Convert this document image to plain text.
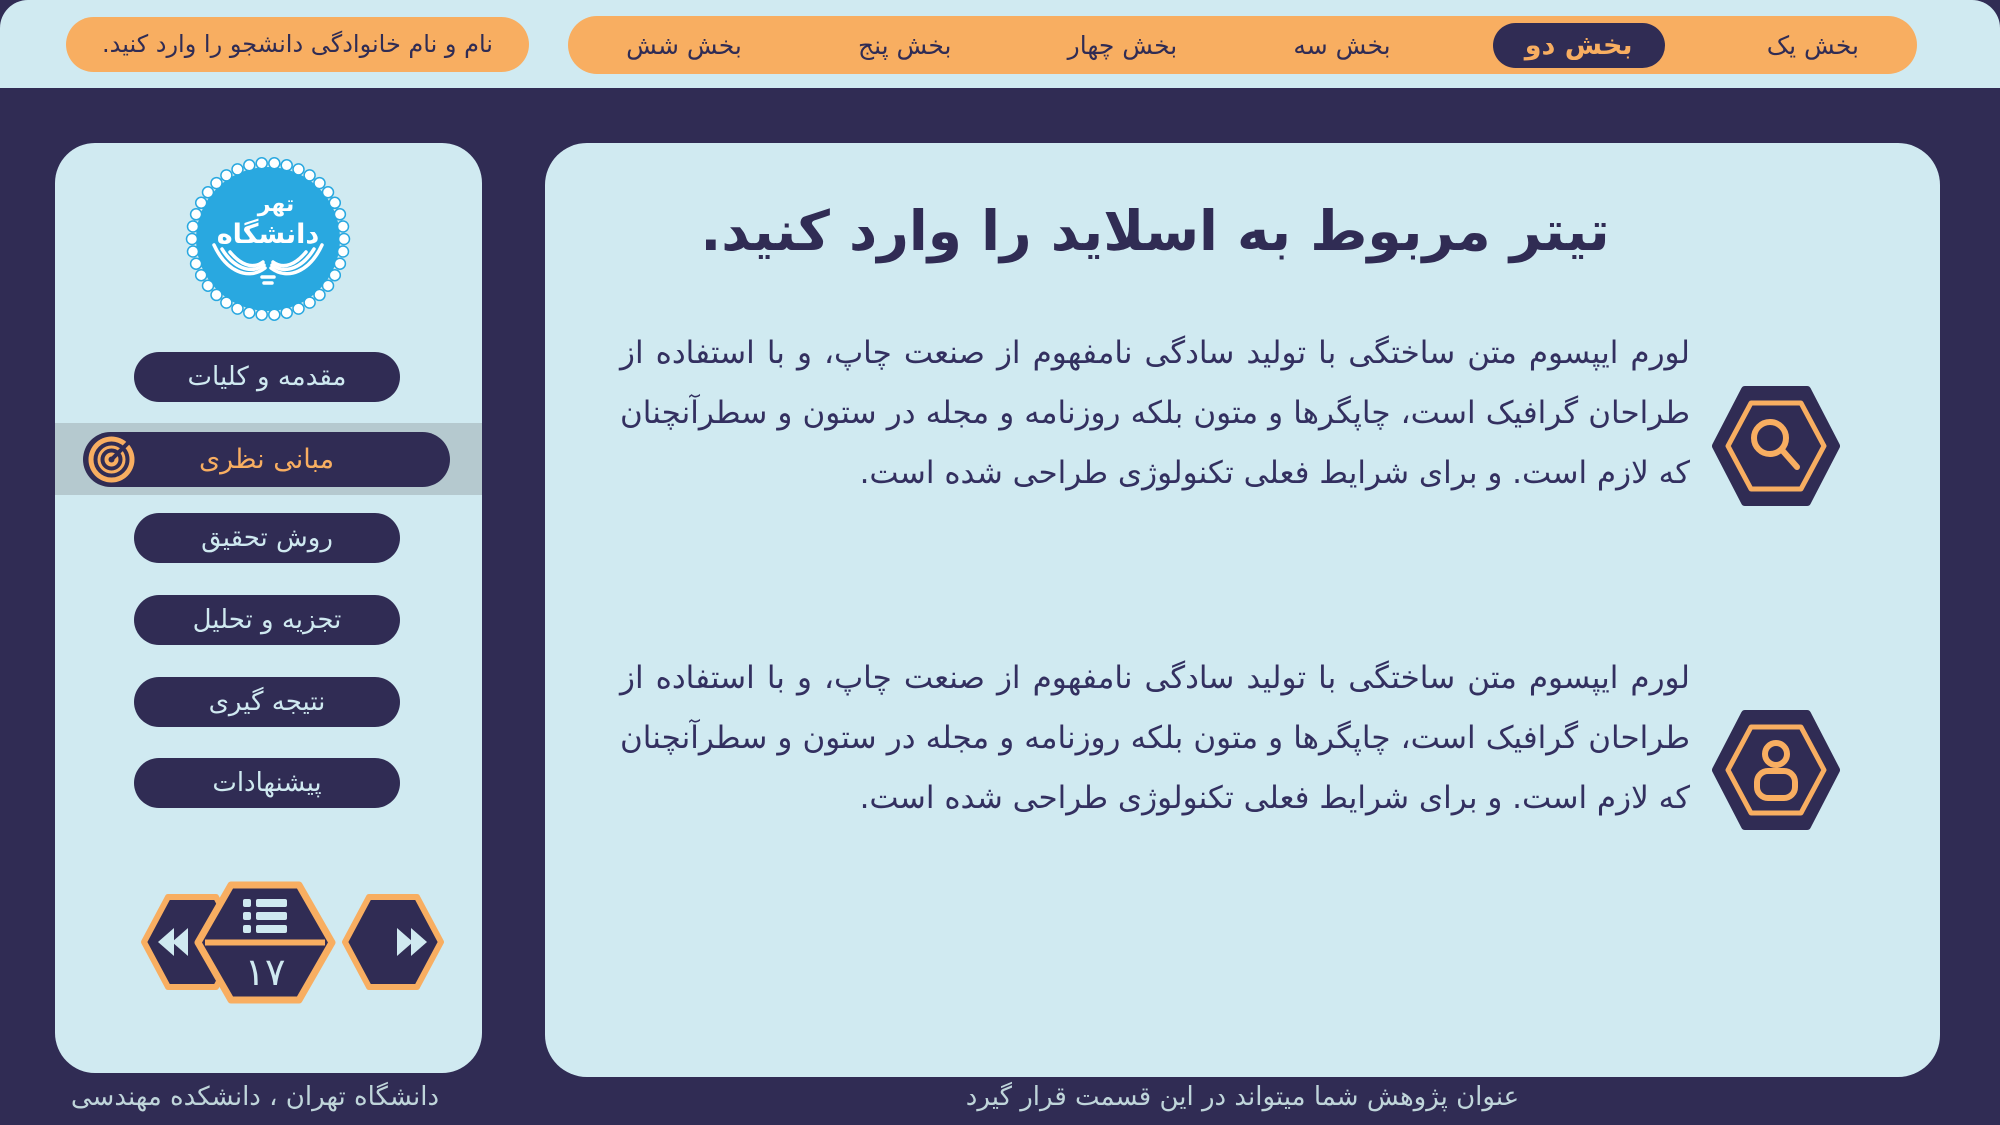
نام و نام خانوادگی دانشجو را وارد کنید.	بخش یک
بخش دو
بخش سه
بخش چهار
بخش پنج
بخش شش
تهر
دانشگاه
مقدمه و کلیات
مبانی نظری
روش تحقیق
تجزیه و تحلیل
نتیجه گیری
پیشنهادات
۱۷
دانشگاه تهران ، دانشکده مهندسی
تیتر مربوط به اسلاید را وارد کنید.

لورم ایپسوم متن ساختگی با تولید سادگی نامفهوم از صنعت چاپ، و با استفاده از طراحان گرافیک است، چاپگرها و متون بلکه روزنامه و مجله در ستون و سطرآنچنان که لازم است. و برای شرایط فعلی تکنولوژی طراحی شده است.

لورم ایپسوم متن ساختگی با تولید سادگی نامفهوم از صنعت چاپ، و با استفاده از طراحان گرافیک است، چاپگرها و متون بلکه روزنامه و مجله در ستون و سطرآنچنان که لازم است. و برای شرایط فعلی تکنولوژی طراحی شده است.

عنوان پژوهش شما میتواند در این قسمت قرار گیرد
